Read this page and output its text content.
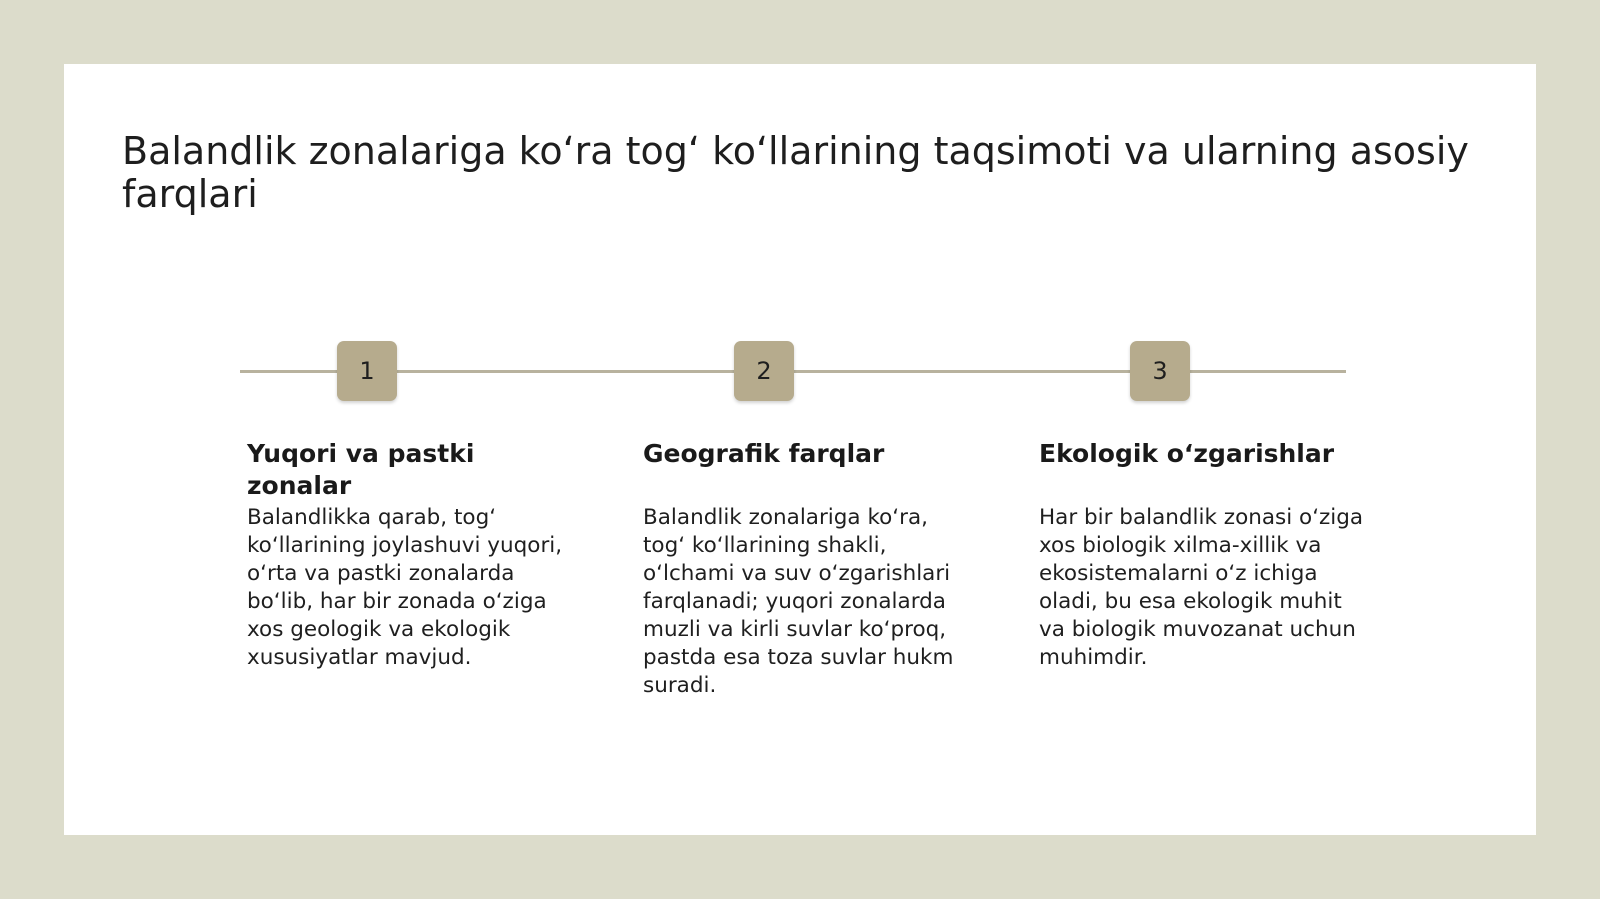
Balandlik zonalariga ko‘ra tog‘ ko‘llarining taqsimoti va ularning asosiy farqlari
1	2	3
Yuqori va pastki zonalar

Balandlikka qarab, tog‘ ko‘llarining joylashuvi yuqori, o‘rta va pastki zonalarda bo‘lib, har bir zonada o‘ziga xos geologik va ekologik xususiyatlar mavjud.

Geografik farqlar

Balandlik zonalariga ko‘ra, tog‘ ko‘llarining shakli, o‘lchami va suv o‘zgarishlari farqlanadi; yuqori zonalarda muzli va kirli suvlar ko‘proq, pastda esa toza suvlar hukm suradi.

Ekologik o‘zgarishlar

Har bir balandlik zonasi o‘ziga xos biologik xilma-xillik va ekosistemalarni o‘z ichiga oladi, bu esa ekologik muhit va biologik muvozanat uchun muhimdir.
